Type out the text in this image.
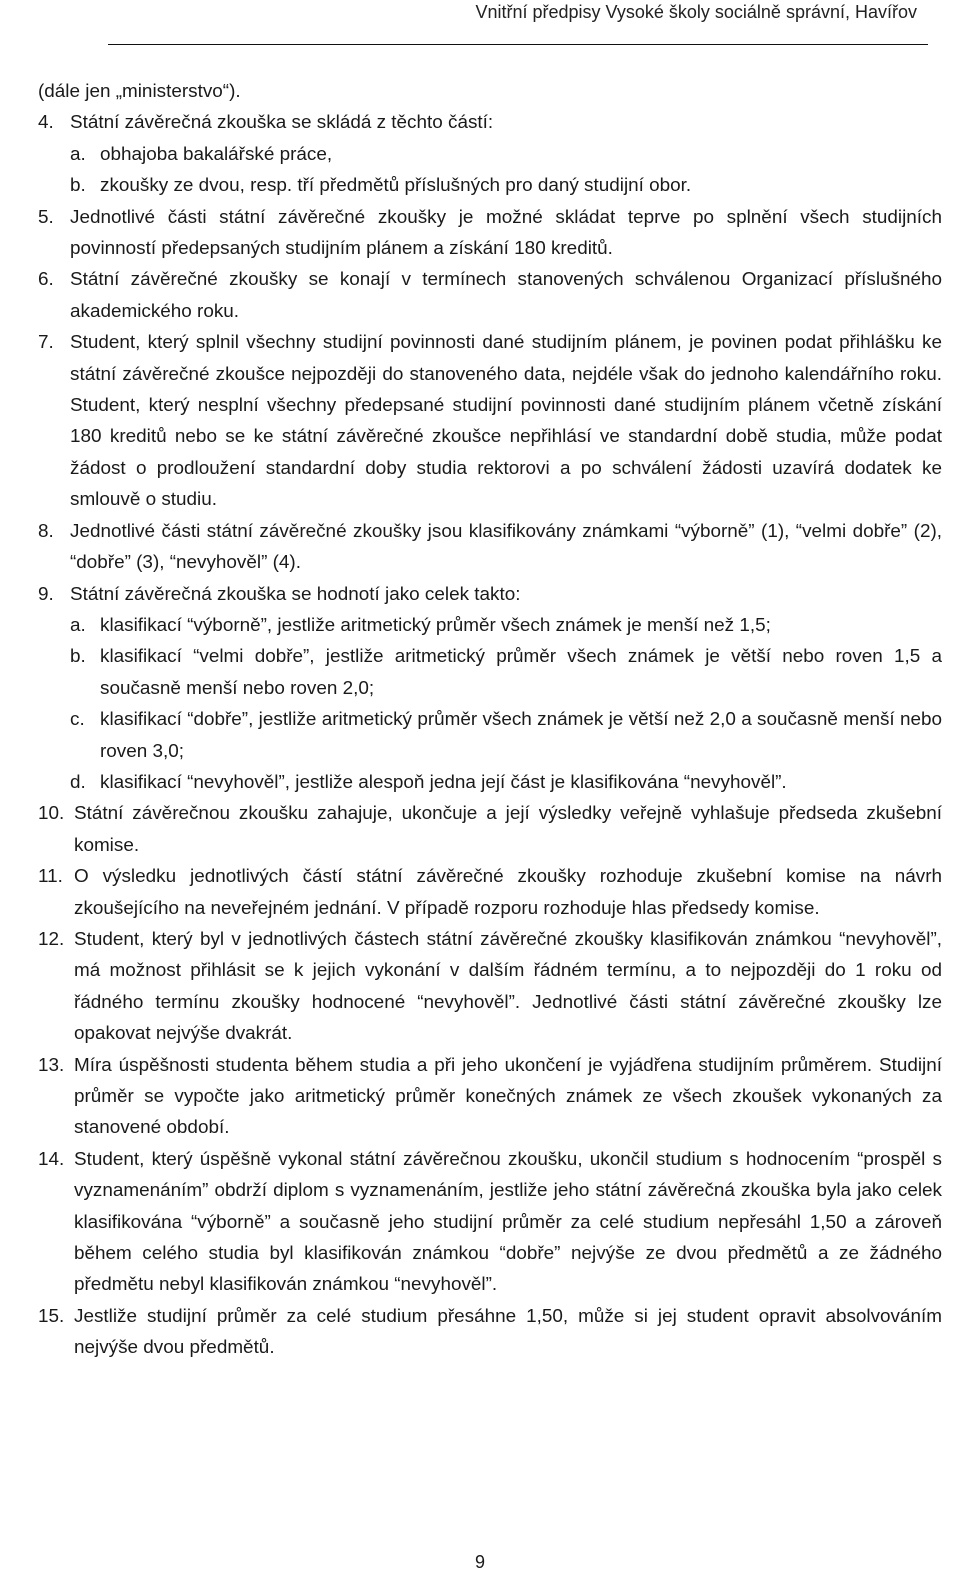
Vnitřní předpisy Vysoké školy sociálně správní, Havířov

(dále jen „ministerstvo“).

4. Státní závěrečná zkouška se skládá z těchto částí:
a. obhajoba bakalářské práce,
b. zkoušky ze dvou, resp. tří předmětů příslušných pro daný studijní obor.
5. Jednotlivé části státní závěrečné zkoušky je možné skládat teprve po splnění všech studijních povinností předepsaných studijním plánem a získání 180 kreditů.
6. Státní závěrečné zkoušky se konají v termínech stanovených schválenou Organizací příslušného akademického roku.
7. Student, který splnil všechny studijní povinnosti dané studijním plánem, je povinen podat přihlášku ke státní závěrečné zkoušce nejpozději do stanoveného data, nejdéle však do jednoho kalendářního roku. Student, který nesplní všechny předepsané studijní povinnosti dané studijním plánem včetně získání 180 kreditů nebo se ke státní závěrečné zkoušce nepřihlásí ve standardní době studia, může podat žádost o prodloužení standardní doby studia rektorovi a po schválení žádosti uzavírá dodatek ke smlouvě o studiu.
8. Jednotlivé části státní závěrečné zkoušky jsou klasifikovány známkami “výborně” (1), “velmi dobře” (2), “dobře” (3), “nevyhověl” (4).
9. Státní závěrečná zkouška se hodnotí jako celek takto:
a. klasifikací “výborně”, jestliže aritmetický průměr všech známek je menší než 1,5;
b. klasifikací “velmi dobře”, jestliže aritmetický průměr všech známek je větší nebo roven 1,5 a současně menší nebo roven 2,0;
c. klasifikací “dobře”, jestliže aritmetický průměr všech známek je větší než 2,0 a současně menší nebo roven 3,0;
d. klasifikací “nevyhověl”, jestliže alespoň jedna její část je klasifikována “nevyhověl”.
10. Státní závěrečnou zkoušku zahajuje, ukončuje a její výsledky veřejně vyhlašuje předseda zkušební komise.
11. O výsledku jednotlivých částí státní závěrečné zkoušky rozhoduje zkušební komise na návrh zkoušejícího na neveřejném jednání. V případě rozporu rozhoduje hlas předsedy komise.
12. Student, který byl v jednotlivých částech státní závěrečné zkoušky klasifikován známkou “nevyhověl”, má možnost přihlásit se k jejich vykonání v dalším řádném termínu, a to nejpozději do 1 roku od řádného termínu zkoušky hodnocené “nevyhověl”. Jednotlivé části státní závěrečné zkoušky lze opakovat nejvýše dvakrát.
13. Míra úspěšnosti studenta během studia a při jeho ukončení je vyjádřena studijním průměrem. Studijní průměr se vypočte jako aritmetický průměr konečných známek ze všech zkoušek vykonaných za stanovené období.
14. Student, který úspěšně vykonal státní závěrečnou zkoušku, ukončil studium s hodnocením “prospěl s vyznamenáním” obdrží diplom s vyznamenáním, jestliže jeho státní závěrečná zkouška byla jako celek klasifikována “výborně” a současně jeho studijní průměr za celé studium nepřesáhl 1,50 a zároveň během celého studia byl klasifikován známkou “dobře” nejvýše ze dvou předmětů a ze žádného předmětu nebyl klasifikován známkou “nevyhověl”.
15. Jestliže studijní průměr za celé studium přesáhne 1,50, může si jej student opravit absolvováním nejvýše dvou předmětů.
9
